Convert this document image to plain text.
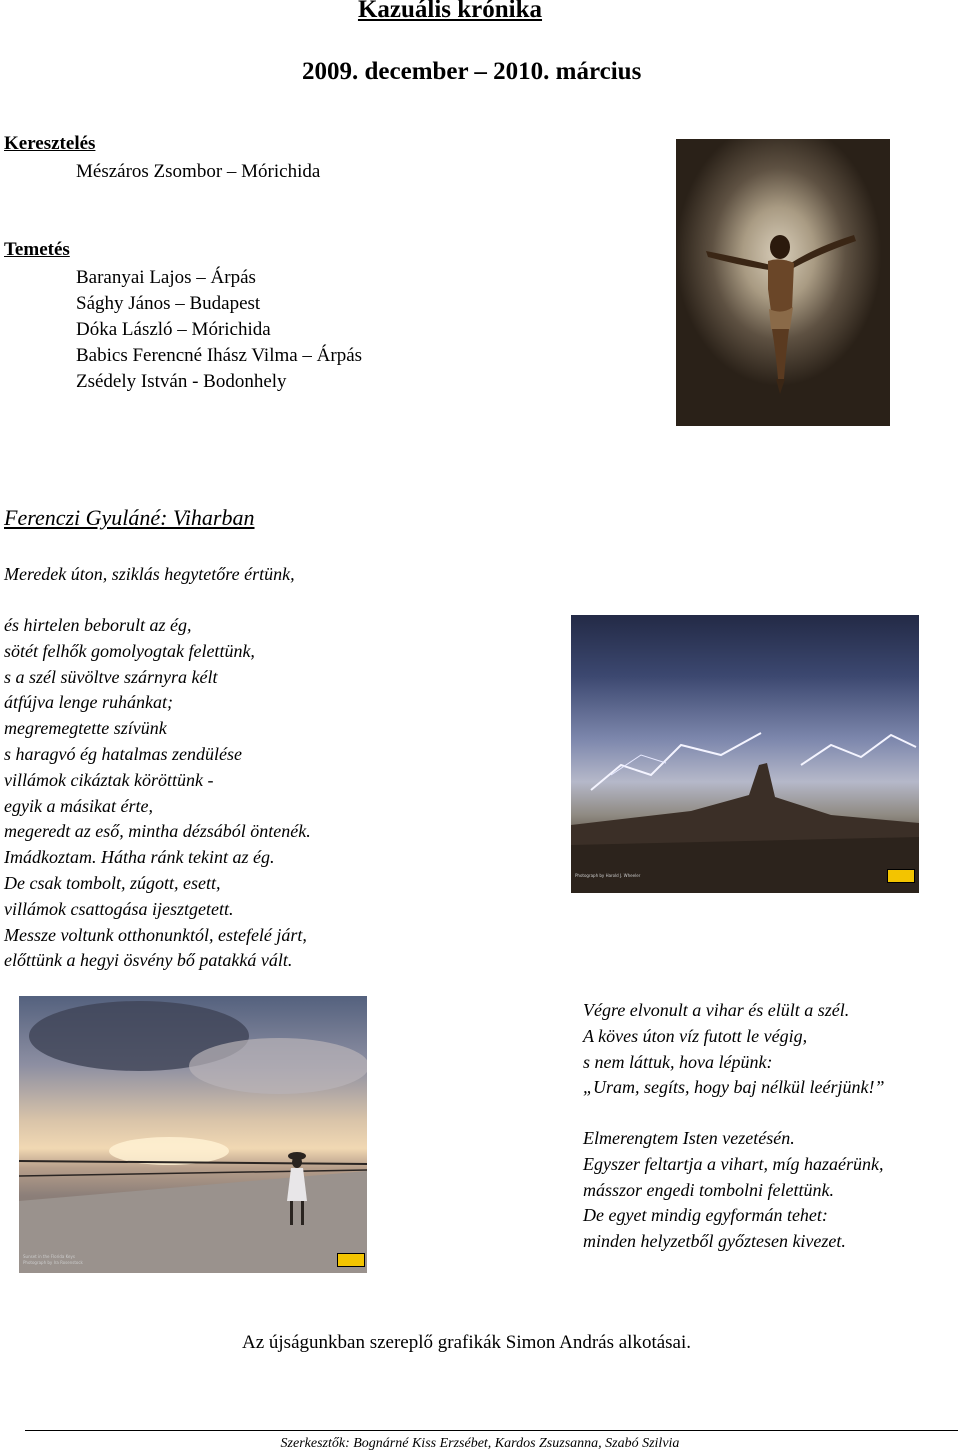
Kazuális krónika
2009. december – 2010. március
Keresztelés
Mészáros Zsombor – Mórichida
Temetés
Baranyai Lajos – Árpás
Sághy János – Budapest
Dóka László – Mórichida
Babics Ferencné Ihász Vilma – Árpás
Zsédely István - Bodonhely
Ferenczi Gyuláné: Viharban
Meredek úton, sziklás hegytetőre értünk,
és hirtelen beborult az ég,
sötét felhők gomolyogtak felettünk,
s a szél süvöltve szárnyra kélt
átfújva lenge ruhánkat;
megremegtette szívünk
s haragvó ég hatalmas zendülése
villámok cikáztak köröttünk -
egyik a másikat érte,
megeredt az eső, mintha dézsából öntenék.
Imádkoztam. Hátha ránk tekint az ég.
De csak tombolt, zúgott, esett,
villámok csattogása ijesztgetett.
Messze voltunk otthonunktól, estefelé járt,
előttünk a hegyi ösvény bő patakká vált.
Photograph by Harold J. Wheeler
Sunset in the Florida Keys
Photograph by Ira Rosenstock
Végre elvonult a vihar és elült a szél.
A köves úton víz futott le végig,
s nem láttuk, hova lépünk:
„Uram, segíts, hogy baj nélkül leérjünk!”
Elmerengtem Isten vezetésén.
Egyszer feltartja a vihart, míg hazaérünk,
másszor engedi tombolni felettünk.
De egyet mindig egyformán tehet:
minden helyzetből győztesen kivezet.
Az újságunkban szereplő grafikák Simon András alkotásai.
Szerkesztők: Bognárné Kiss Erzsébet, Kardos Zsuzsanna, Szabó Szilvia
